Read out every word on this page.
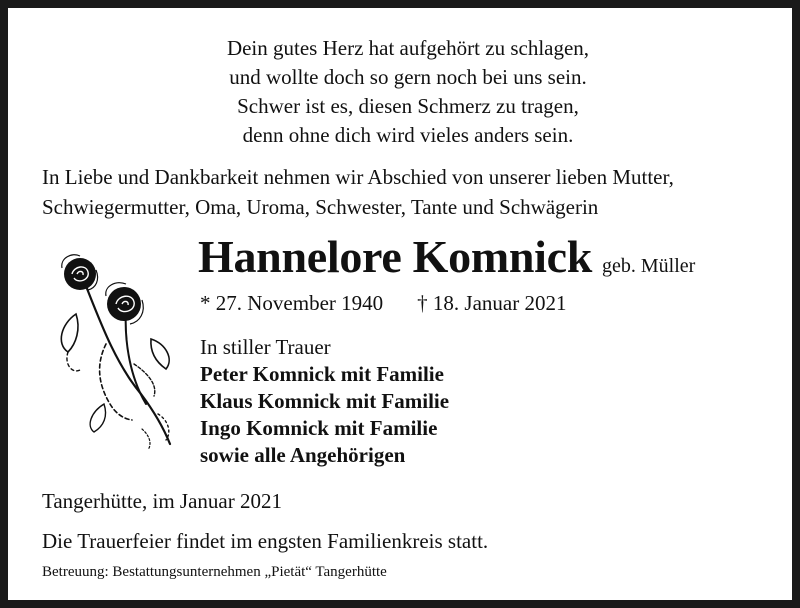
Dein gutes Herz hat aufgehört zu schlagen,
und wollte doch so gern noch bei uns sein.
Schwer ist es, diesen Schmerz zu tragen,
denn ohne dich wird vieles anders sein.
In Liebe und Dankbarkeit nehmen wir Abschied von unserer lieben Mutter,
Schwiegermutter, Oma, Uroma, Schwester, Tante und Schwägerin
Hannelore Komnick geb. Müller
* 27. November 1940 † 18. Januar 2021
In stiller Trauer
Peter Komnick mit Familie
Klaus Komnick mit Familie
Ingo Komnick mit Familie
sowie alle Angehörigen
Tangerhütte, im Januar 2021
Die Trauerfeier findet im engsten Familienkreis statt.
Betreuung: Bestattungsunternehmen „Pietät“ Tangerhütte
